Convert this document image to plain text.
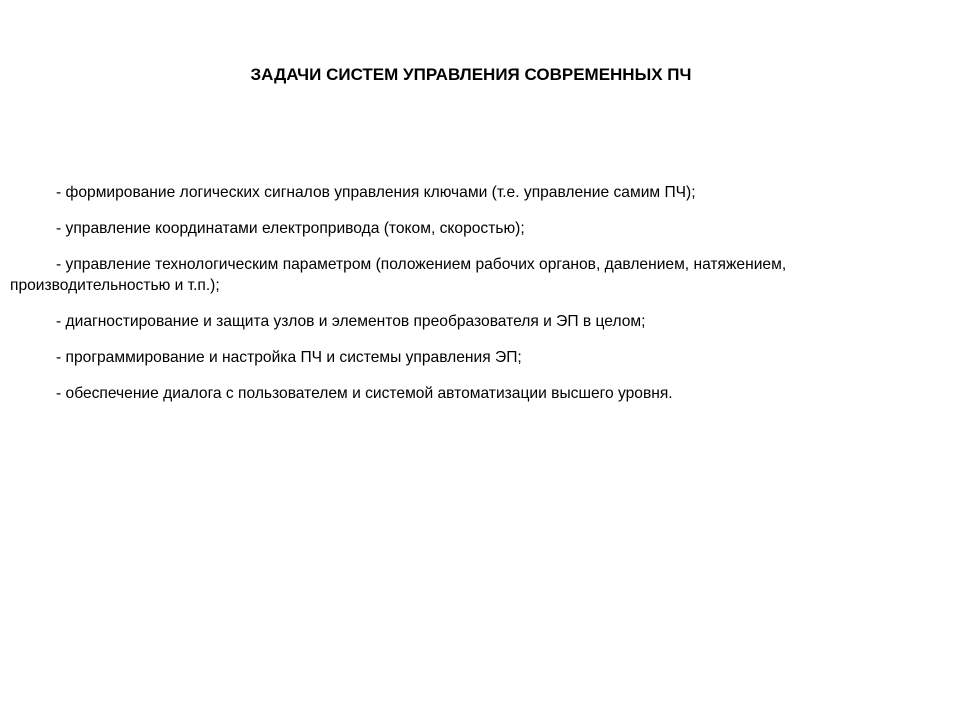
ЗАДАЧИ СИСТЕМ УПРАВЛЕНИЯ СОВРЕМЕННЫХ ПЧ
- формирование логических сигналов управления ключами (т.е. управление самим ПЧ);
- управление координатами електропривода (током, скоростью);
- управление технологическим параметром (положением рабочих органов, давлением, натяжением, производительностью и т.п.);
- диагностирование и защита узлов и элементов преобразователя и ЭП в целом;
- программирование и настройка ПЧ и системы управления ЭП;
- обеспечение диалога с пользователем и системой автоматизации высшего уровня.
